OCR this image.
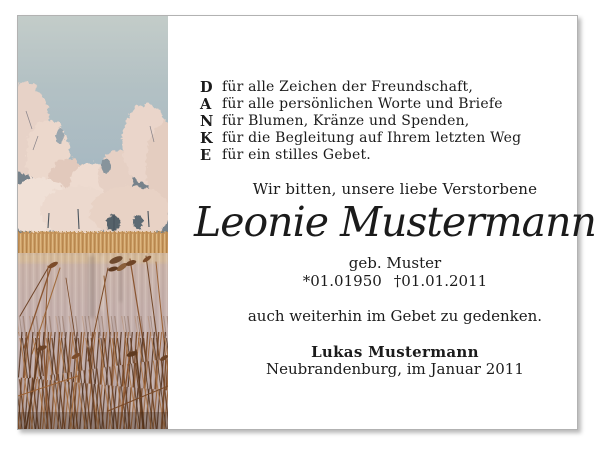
D für alle Zeichen der Freundschaft,
A für alle persönlichen Worte und Briefe
N für Blumen, Kränze und Spenden,
K für die Begleitung auf Ihrem letzten Weg
E für ein stilles Gebet.

Wir bitten, unsere liebe Verstorbene

Leonie Mustermann

geb. Muster

*01.01950 †01.01.2011

auch weiterhin im Gebet zu gedenken.

Lukas Mustermann

Neubrandenburg, im Januar 2011
